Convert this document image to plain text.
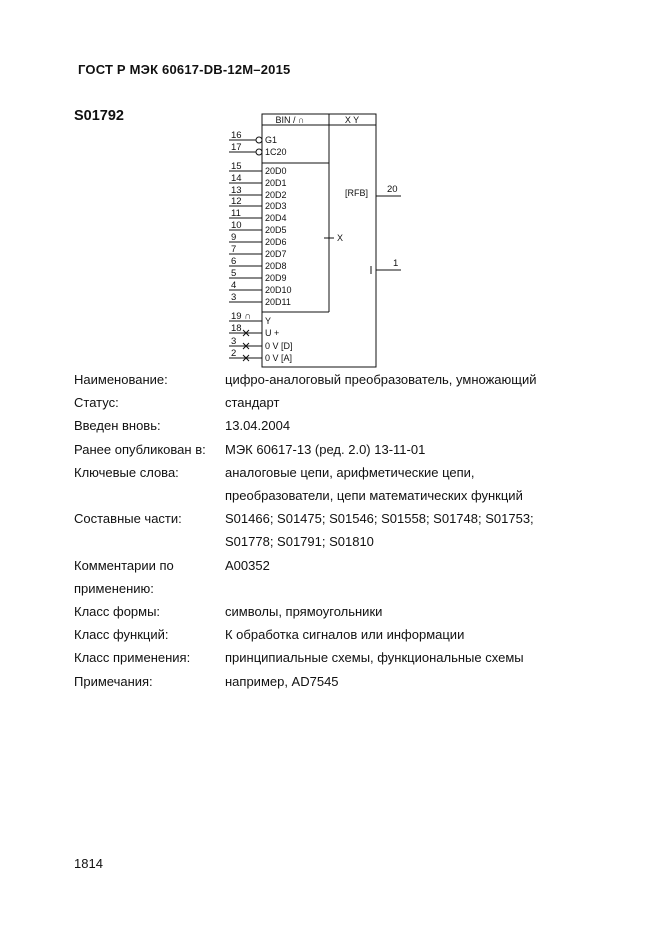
ГОСТ Р МЭК 60617-DB-12M–2015
S01792	BIN / ∩	X Y
16	G1
17	1C20
15	20D0
14	20D1
13	20D2
12	20D3
11	20D4
10	20D5
9	20D6
7	20D7
6	20D8
5	20D9
4	20D10
3	20D11
19 ∩ Y
18	U +
3	0 V [D]
2	0 V [A]
X
[RFB] 20
1
Наименование:	цифро-аналоговый преобразователь, умножающий
Статус:	стандарт
Введен вновь:	13.04.2004
Ранее опубликован в:	МЭК 60617-13 (ред. 2.0) 13-11-01
Ключевые слова:	аналоговые цепи, арифметические цепи,
преобразователи, цепи математических функций
Составные части:	S01466; S01475; S01546; S01558; S01748; S01753;
S01778; S01791; S01810
Комментарии по	A00352
применению:
Класс формы:	символы, прямоугольники
Класс функций:	К обработка сигналов или информации
Класс применения:	принципиальные схемы, функциональные схемы
Примечания:	например, AD7545
1814
